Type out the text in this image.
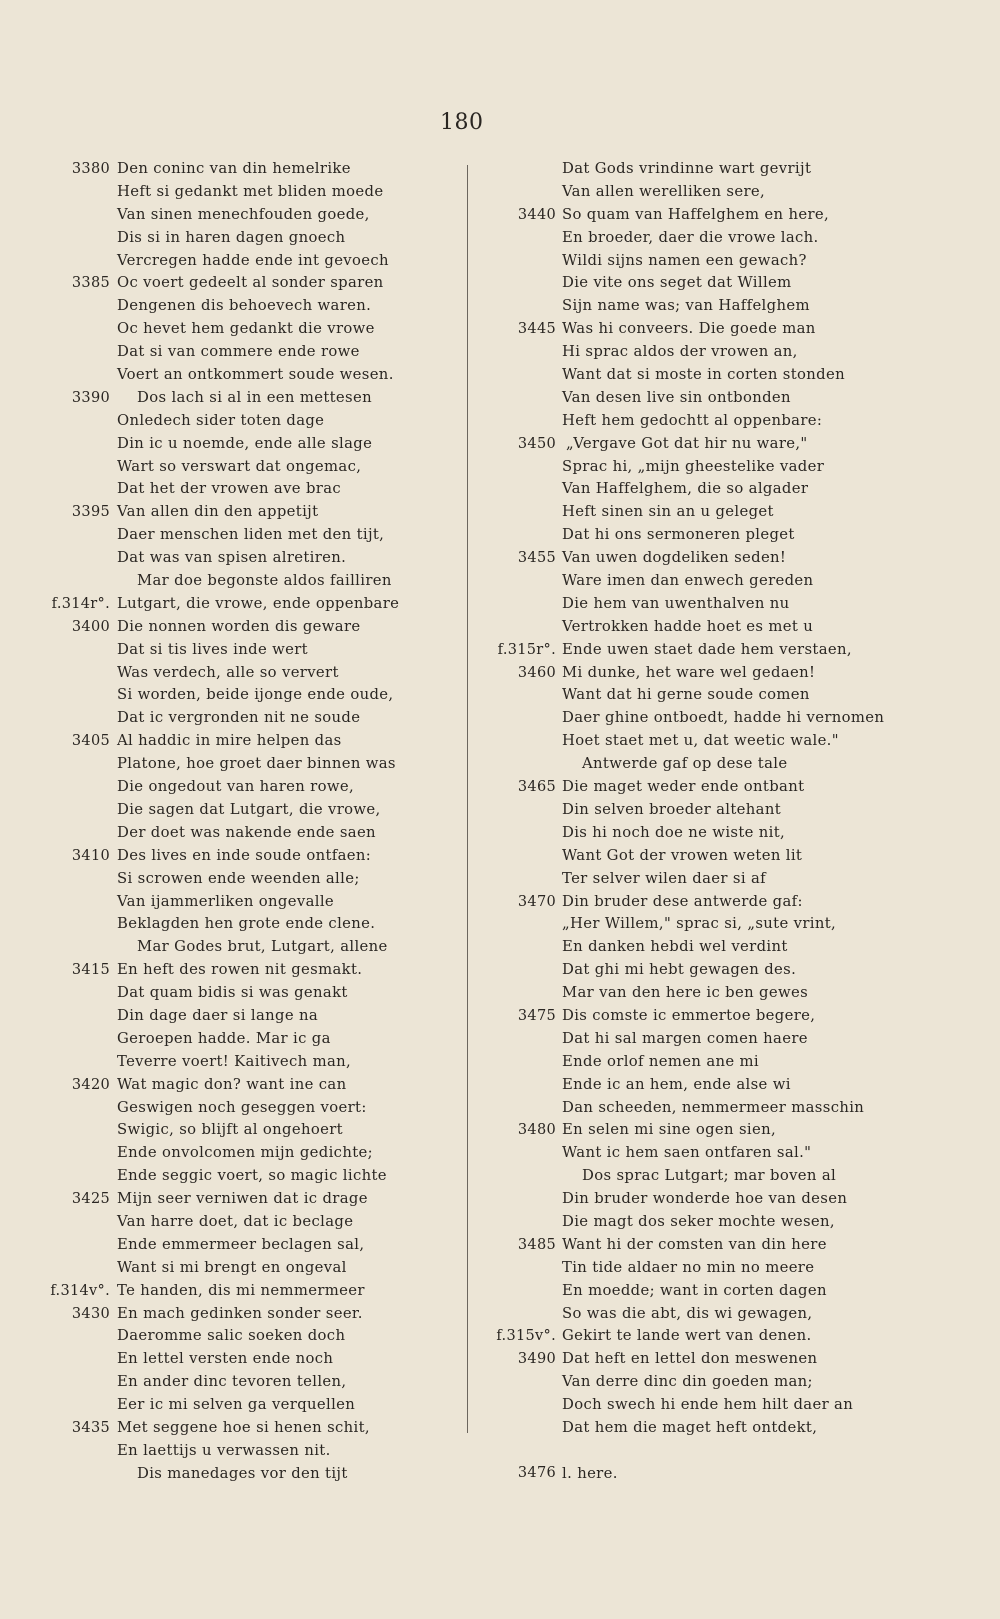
180
3380 Den coninc van din hemelrike
Heft si gedankt met bliden moede
Van sinen menechfouden goede,
Dis si in haren dagen gnoech
Vercregen hadde ende int gevoech
3385 Oc voert gedeelt al sonder sparen
Dengenen dis behoevech waren.
Oc hevet hem gedankt die vrowe
Dat si van commere ende rowe
Voert an ontkommert soude wesen.
3390	Dos lach si al in een mettesen
Onledech sider toten dage
Din ic u noemde, ende alle slage
Wart so verswart dat ongemac,
Dat het der vrowen ave brac
3395 Van allen din den appetijt
Daer menschen liden met den tijt,
Dat was van spisen alretiren.
Mar doe begonste aldos failliren
f.314r°. Lutgart, die vrowe, ende oppenbare
3400 Die nonnen worden dis geware
Dat si tis lives inde wert
Was verdech, alle so ververt
Si worden, beide ijonge ende oude,
Dat ic vergronden nit ne soude
3405 Al haddic in mire helpen das
Platone, hoe groet daer binnen was
Die ongedout van haren rowe,
Die sagen dat Lutgart, die vrowe,
Der doet was nakende ende saen
3410 Des lives en inde soude ontfaen:
Si scrowen ende weenden alle;
Van ijammerliken ongevalle
Beklagden hen grote ende clene.
Mar Godes brut, Lutgart, allene
3415 En heft des rowen nit gesmakt.
Dat quam bidis si was genakt
Din dage daer si lange na
Geroepen hadde. Mar ic ga
Teverre voert! Kaitivech man,
3420 Wat magic don? want ine can
Geswigen noch geseggen voert:
Swigic, so blijft al ongehoert
Ende onvolcomen mijn gedichte;
Ende seggic voert, so magic lichte
3425 Mijn seer verniwen dat ic drage
Van harre doet, dat ic beclage
Ende emmermeer beclagen sal,
Want si mi brengt en ongeval
f.314v°. Te handen, dis mi nemmermeer
3430 En mach gedinken sonder seer.
Daeromme salic soeken doch
En lettel versten ende noch
En ander dinc tevoren tellen,
Eer ic mi selven ga verquellen
3435 Met seggene hoe si henen schit,
En laettijs u verwassen nit.
Dis manedages vor den tijt
Dat Gods vrindinne wart gevrijt
Van allen werelliken sere,
3440 So quam van Haffelghem en here,
En broeder, daer die vrowe lach.
Wildi sijns namen een gewach?
Die vite ons seget dat Willem
Sijn name was; van Haffelghem
3445 Was hi conveers. Die goede man
Hi sprac aldos der vrowen an,
Want dat si moste in corten stonden
Van desen live sin ontbonden
Heft hem gedochtt al oppenbare:
3450 „Vergave Got dat hir nu ware,"
Sprac hi, „mijn gheestelike vader
Van Haffelghem, die so algader
Heft sinen sin an u geleget
Dat hi ons sermoneren pleget
3455 Van uwen dogdeliken seden!
Ware imen dan enwech gereden
Die hem van uwenthalven nu
Vertrokken hadde hoet es met u
f.315r°. Ende uwen staet dade hem verstaen,
3460 Mi dunke, het ware wel gedaen!
Want dat hi gerne soude comen
Daer ghine ontboedt, hadde hi vernomen
Hoet staet met u, dat weetic wale."
Antwerde gaf op dese tale
3465 Die maget weder ende ontbant
Din selven broeder altehant
Dis hi noch doe ne wiste nit,
Want Got der vrowen weten lit
Ter selver wilen daer si af
3470 Din bruder dese antwerde gaf:
„Her Willem," sprac si, „sute vrint,
En danken hebdi wel verdint
Dat ghi mi hebt gewagen des.
Mar van den here ic ben gewes
3475 Dis comste ic emmertoe begere,
Dat hi sal margen comen haere
Ende orlof nemen ane mi
Ende ic an hem, ende alse wi
Dan scheeden, nemmermeer masschin
3480 En selen mi sine ogen sien,
Want ic hem saen ontfaren sal."
Dos sprac Lutgart; mar boven al
Din bruder wonderde hoe van desen
Die magt dos seker mochte wesen,
3485 Want hi der comsten van din here
Tin tide aldaer no min no meere
En moedde; want in corten dagen
So was die abt, dis wi gewagen,
f.315v°. Gekirt te lande wert van denen.
3490 Dat heft en lettel don meswenen
Van derre dinc din goeden man;
Doch swech hi ende hem hilt daer an
Dat hem die maget heft ontdekt,
3476 l. here.
